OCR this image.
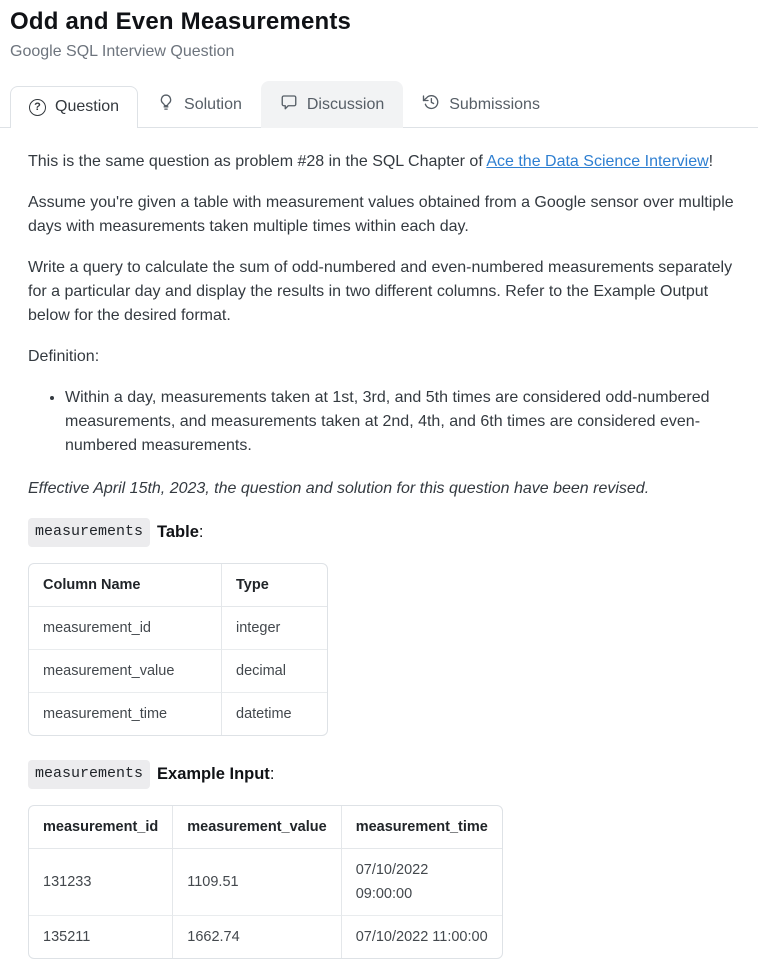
Odd and Even Measurements
Google SQL Interview Question
? Question	Solution	Discussion	Submissions

This is the same question as problem #28 in the SQL Chapter of Ace the Data Science Interview!

Assume you're given a table with measurement values obtained from a Google sensor over multiple days with measurements taken multiple times within each day.

Write a query to calculate the sum of odd-numbered and even-numbered measurements separately for a particular day and display the results in two different columns. Refer to the Example Output below for the desired format.

Definition:

• Within a day, measurements taken at 1st, 3rd, and 5th times are considered odd-numbered measurements, and measurements taken at 2nd, 4th, and 6th times are considered even-numbered measurements.

Effective April 15th, 2023, the question and solution for this question have been revised.

measurements Table:
Column Name	Type
measurement_id	integer
measurement_value	decimal
measurement_time	datetime
measurements Example Input:
measurement_id	measurement_value	measurement_time
131233	1109.51	07/10/2022 09:00:00
135211	1662.74	07/10/2022 11:00:00
